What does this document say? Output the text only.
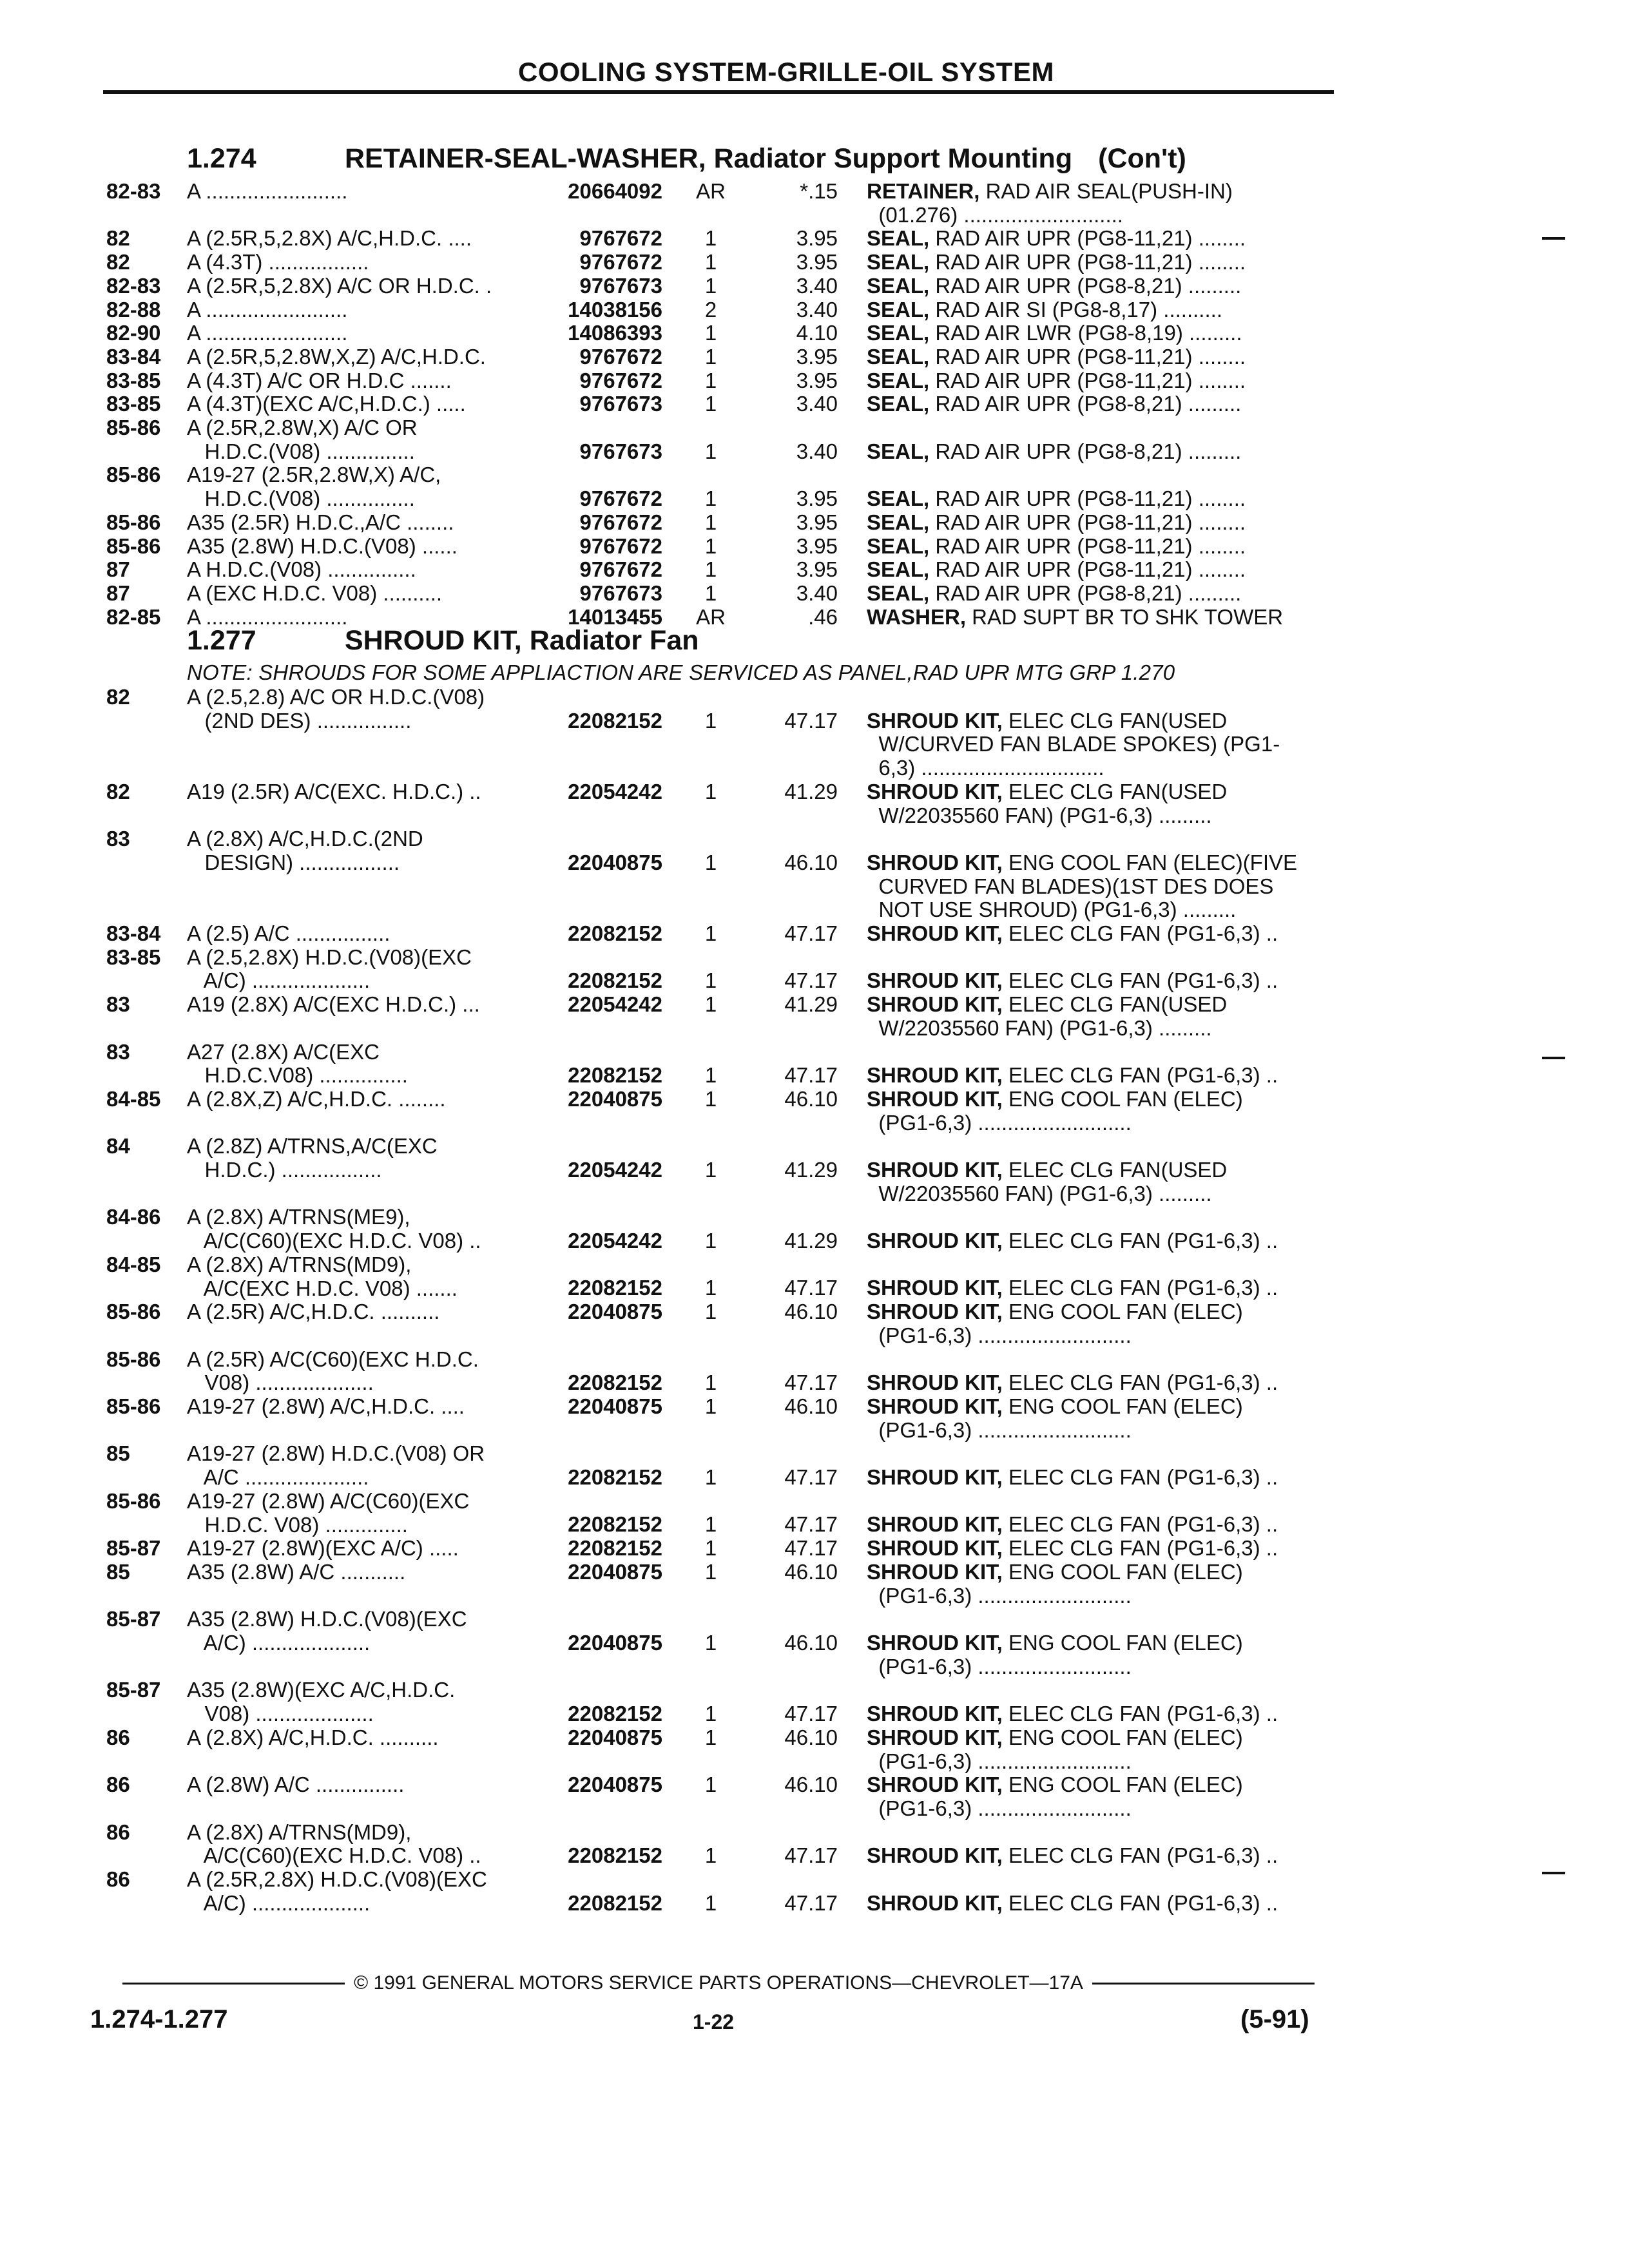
COOLING SYSTEM-GRILLE-OIL SYSTEM
1.274	RETAINER-SEAL-WASHER, Radiator Support Mounting (Con't)
82-83 A ........................	20664092	AR	*.15 RETAINER, RAD AIR SEAL(PUSH-IN)
(01.276) ...........................
82	A (2.5R,5,2.8X) A/C,H.D.C. ....	9767672	1	3.95 SEAL, RAD AIR UPR (PG8-11,21) ........
82	A (4.3T) .................	9767672	1	3.95 SEAL, RAD AIR UPR (PG8-11,21) ........
82-83 A (2.5R,5,2.8X) A/C OR H.D.C. .	9767673	1	3.40 SEAL, RAD AIR UPR (PG8-8,21) .........
82-88 A ........................	14038156	2	3.40 SEAL, RAD AIR SI (PG8-8,17) ..........
82-90 A ........................	14086393	1	4.10 SEAL, RAD AIR LWR (PG8-8,19) .........
83-84 A (2.5R,5,2.8W,X,Z) A/C,H.D.C.	9767672	1	3.95 SEAL, RAD AIR UPR (PG8-11,21) ........
83-85 A (4.3T) A/C OR H.D.C .......	9767672	1	3.95 SEAL, RAD AIR UPR (PG8-11,21) ........
83-85 A (4.3T)(EXC A/C,H.D.C.) .....	9767673	1	3.40 SEAL, RAD AIR UPR (PG8-8,21) .........
85-86 A (2.5R,2.8W,X) A/C OR
H.D.C.(V08) ...............	9767673	1	3.40 SEAL, RAD AIR UPR (PG8-8,21) .........
85-86 A19-27 (2.5R,2.8W,X) A/C,
H.D.C.(V08) ...............	9767672	1	3.95 SEAL, RAD AIR UPR (PG8-11,21) ........
85-86 A35 (2.5R) H.D.C.,A/C ........	9767672	1	3.95 SEAL, RAD AIR UPR (PG8-11,21) ........
85-86 A35 (2.8W) H.D.C.(V08) ......	9767672	1	3.95 SEAL, RAD AIR UPR (PG8-11,21) ........
87	A H.D.C.(V08) ...............	9767672	1	3.95 SEAL, RAD AIR UPR (PG8-11,21) ........
87	A (EXC H.D.C. V08) ..........	9767673	1	3.40 SEAL, RAD AIR UPR (PG8-8,21) .........
82-85 A ........................	14013455	AR	.46 WASHER, RAD SUPT BR TO SHK TOWER
1.277	SHROUD KIT, Radiator Fan
NOTE: SHROUDS FOR SOME APPLIACTION ARE SERVICED AS PANEL,RAD UPR MTG GRP 1.270
82	A (2.5,2.8) A/C OR H.D.C.(V08)
(2ND DES) ................	22082152	1	47.17 SHROUD KIT, ELEC CLG FAN(USED
W/CURVED FAN BLADE SPOKES) (PG1-
6,3) ...............................
82	A19 (2.5R) A/C(EXC. H.D.C.) ..	22054242	1	41.29 SHROUD KIT, ELEC CLG FAN(USED
W/22035560 FAN) (PG1-6,3) .........
83	A (2.8X) A/C,H.D.C.(2ND
DESIGN) .................	22040875	1	46.10 SHROUD KIT, ENG COOL FAN (ELEC)(FIVE
CURVED FAN BLADES)(1ST DES DOES
NOT USE SHROUD) (PG1-6,3) .........
83-84 A (2.5) A/C ................	22082152	1	47.17 SHROUD KIT, ELEC CLG FAN (PG1-6,3) ..
83-85 A (2.5,2.8X) H.D.C.(V08)(EXC
A/C) ....................	22082152	1	47.17 SHROUD KIT, ELEC CLG FAN (PG1-6,3) ..
83	A19 (2.8X) A/C(EXC H.D.C.) ...	22054242	1	41.29 SHROUD KIT, ELEC CLG FAN(USED
W/22035560 FAN) (PG1-6,3) .........
83	A27 (2.8X) A/C(EXC
H.D.C.V08) ...............	22082152	1	47.17 SHROUD KIT, ELEC CLG FAN (PG1-6,3) ..
84-85 A (2.8X,Z) A/C,H.D.C. ........	22040875	1	46.10 SHROUD KIT, ENG COOL FAN (ELEC)
(PG1-6,3) ..........................
84	A (2.8Z) A/TRNS,A/C(EXC
H.D.C.) .................	22054242	1	41.29 SHROUD KIT, ELEC CLG FAN(USED
W/22035560 FAN) (PG1-6,3) .........
84-86 A (2.8X) A/TRNS(ME9),
A/C(C60)(EXC H.D.C. V08) ..	22054242	1	41.29 SHROUD KIT, ELEC CLG FAN (PG1-6,3) ..
84-85 A (2.8X) A/TRNS(MD9),
A/C(EXC H.D.C. V08) .......	22082152	1	47.17 SHROUD KIT, ELEC CLG FAN (PG1-6,3) ..
85-86 A (2.5R) A/C,H.D.C. ..........	22040875	1	46.10 SHROUD KIT, ENG COOL FAN (ELEC)
(PG1-6,3) ..........................
85-86 A (2.5R) A/C(C60)(EXC H.D.C.
V08) ....................	22082152	1	47.17 SHROUD KIT, ELEC CLG FAN (PG1-6,3) ..
85-86 A19-27 (2.8W) A/C,H.D.C. ....	22040875	1	46.10 SHROUD KIT, ENG COOL FAN (ELEC)
(PG1-6,3) ..........................
85	A19-27 (2.8W) H.D.C.(V08) OR
A/C .....................	22082152	1	47.17 SHROUD KIT, ELEC CLG FAN (PG1-6,3) ..
85-86 A19-27 (2.8W) A/C(C60)(EXC
H.D.C. V08) ..............	22082152	1	47.17 SHROUD KIT, ELEC CLG FAN (PG1-6,3) ..
85-87 A19-27 (2.8W)(EXC A/C) .....	22082152	1	47.17 SHROUD KIT, ELEC CLG FAN (PG1-6,3) ..
85	A35 (2.8W) A/C ...........	22040875	1	46.10 SHROUD KIT, ENG COOL FAN (ELEC)
(PG1-6,3) ..........................
85-87 A35 (2.8W) H.D.C.(V08)(EXC
A/C) ....................	22040875	1	46.10 SHROUD KIT, ENG COOL FAN (ELEC)
(PG1-6,3) ..........................
85-87 A35 (2.8W)(EXC A/C,H.D.C.
V08) ....................	22082152	1	47.17 SHROUD KIT, ELEC CLG FAN (PG1-6,3) ..
86	A (2.8X) A/C,H.D.C. ..........	22040875	1	46.10 SHROUD KIT, ENG COOL FAN (ELEC)
(PG1-6,3) ..........................
86	A (2.8W) A/C ...............	22040875	1	46.10 SHROUD KIT, ENG COOL FAN (ELEC)
(PG1-6,3) ..........................
86	A (2.8X) A/TRNS(MD9),
A/C(C60)(EXC H.D.C. V08) ..	22082152	1	47.17 SHROUD KIT, ELEC CLG FAN (PG1-6,3) ..
86	A (2.5R,2.8X) H.D.C.(V08)(EXC
A/C) ....................	22082152	1	47.17 SHROUD KIT, ELEC CLG FAN (PG1-6,3) ..
© 1991 GENERAL MOTORS SERVICE PARTS OPERATIONS—CHEVROLET—17A
1.274-1.277	1-22	(5-91)
